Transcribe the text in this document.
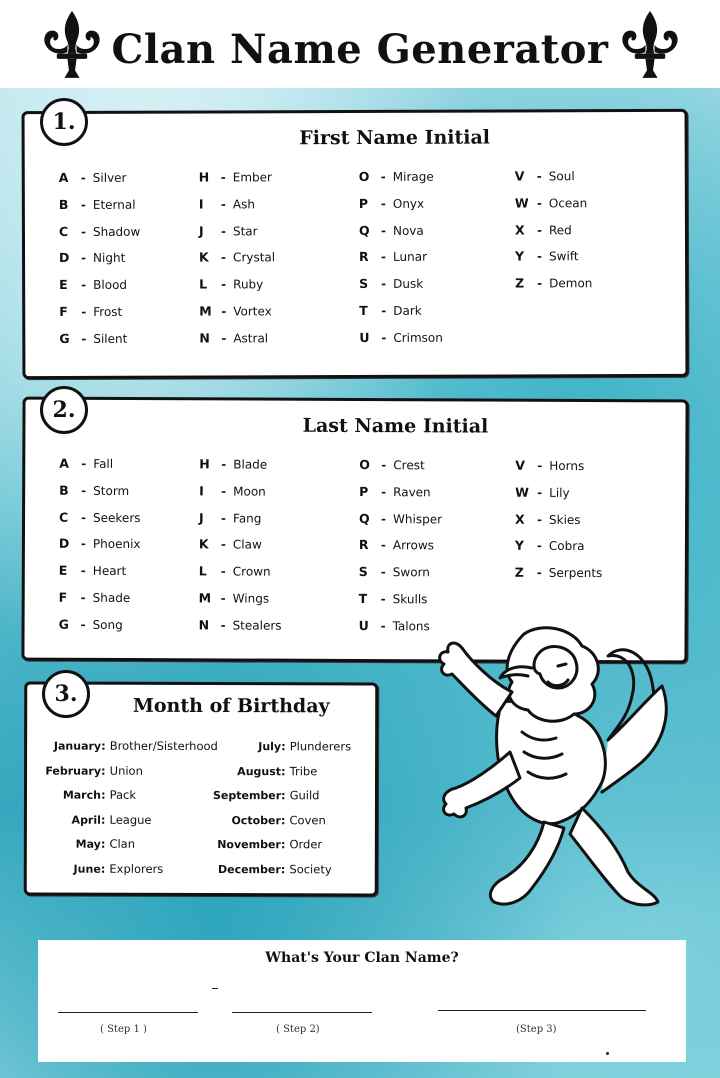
Clan Name Generator
First Name Initial
A - Silver
B - Eternal
C - Shadow
D - Night
E - Blood
F - Frost
G - Silent
H - Ember
I - Ash
J - Star
K - Crystal
L - Ruby
M - Vortex
N - Astral
O - Mirage
P - Onyx
Q - Nova
R - Lunar
S - Dusk
T - Dark
U - Crimson
V - Soul
W - Ocean
X - Red
Y - Swift
Z - Demon
1.
Last Name Initial
A - Fall
B - Storm
C - Seekers
D - Phoenix
E - Heart
F - Shade
G - Song
H - Blade
I - Moon
J - Fang
K - Claw
L - Crown
M - Wings
N - Stealers
O - Crest
P - Raven
Q - Whisper
R - Arrows
S - Sworn
T - Skulls
U - Talons
V - Horns
W - Lily
X - Skies
Y - Cobra
Z - Serpents
2.
Month of Birthday
January: Brother/Sisterhood
February: Union
March: Pack
April: League
May: Clan
June: Explorers
July: Plunderers
August: Tribe
September: Guild
October: Coven
November: Order
December: Society
3.
What's Your Clan Name?
( Step 1 )	( Step 2)	(Step 3)
